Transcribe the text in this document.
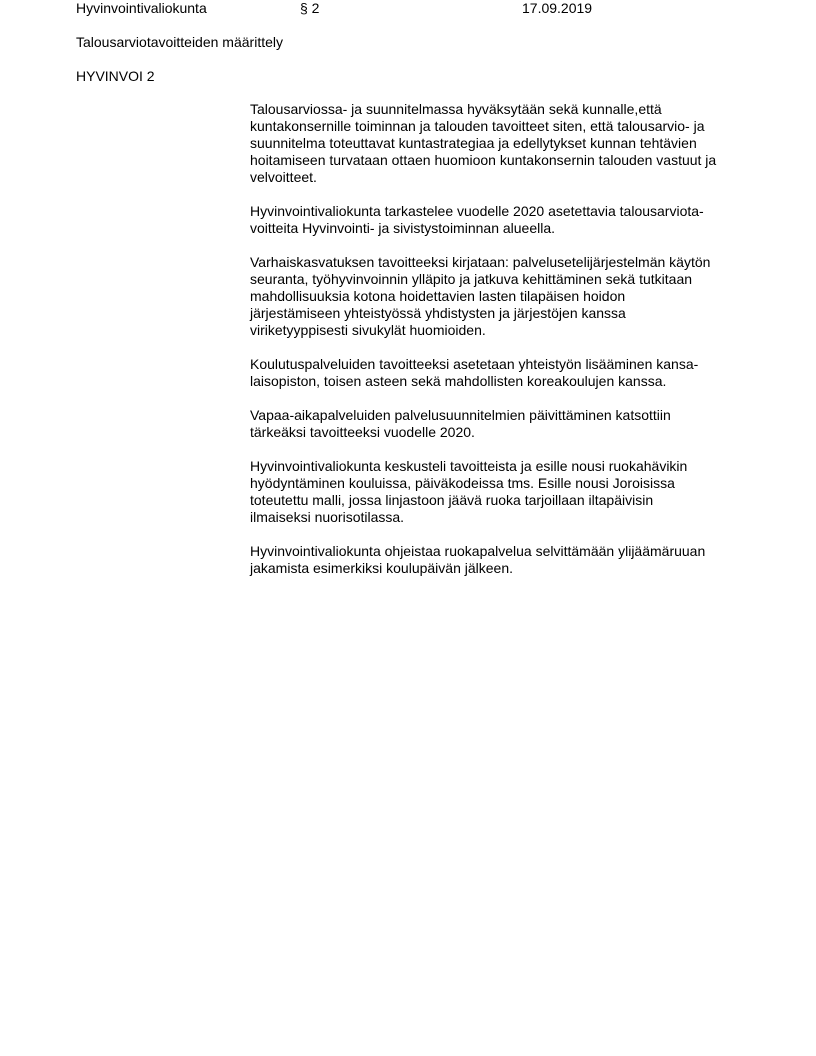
Hyvinvointivaliokunta	§ 2	17.09.2019
Talousarviotavoitteiden määrittely
HYVINVOI 2

Talousarviossa- ja suunnitelmassa hyväksytään sekä kunnalle,että
kuntakonsernille toiminnan ja talouden tavoitteet siten, että talousarvio- ja
suunnitelma toteuttavat kuntastrategiaa ja edellytykset kunnan tehtävien
hoitamiseen turvataan ottaen huomioon kuntakonsernin talouden vastuut ja
velvoitteet.

Hyvinvointivaliokunta tarkastelee vuodelle 2020 asetettavia talousarviota-
voitteita Hyvinvointi- ja sivistystoiminnan alueella.

Varhaiskasvatuksen tavoitteeksi kirjataan: palvelusetelijärjestelmän käytön
seuranta, työhyvinvoinnin ylläpito ja jatkuva kehittäminen sekä tutkitaan
mahdollisuuksia kotona hoidettavien lasten tilapäisen hoidon
järjestämiseen yhteistyössä yhdistysten ja järjestöjen kanssa
viriketyyppisesti sivukylät huomioiden.

Koulutuspalveluiden tavoitteeksi asetetaan yhteistyön lisääminen kansa-
laisopiston, toisen asteen sekä mahdollisten koreakoulujen kanssa.

Vapaa-aikapalveluiden palvelusuunnitelmien päivittäminen katsottiin
tärkeäksi tavoitteeksi vuodelle 2020.

Hyvinvointivaliokunta keskusteli tavoitteista ja esille nousi ruokahävikin
hyödyntäminen kouluissa, päiväkodeissa tms. Esille nousi Joroisissa
toteutettu malli, jossa linjastoon jäävä ruoka tarjoillaan iltapäivisin
ilmaiseksi nuorisotilassa.

Hyvinvointivaliokunta ohjeistaa ruokapalvelua selvittämään ylijäämäruuan
jakamista esimerkiksi koulupäivän jälkeen.
